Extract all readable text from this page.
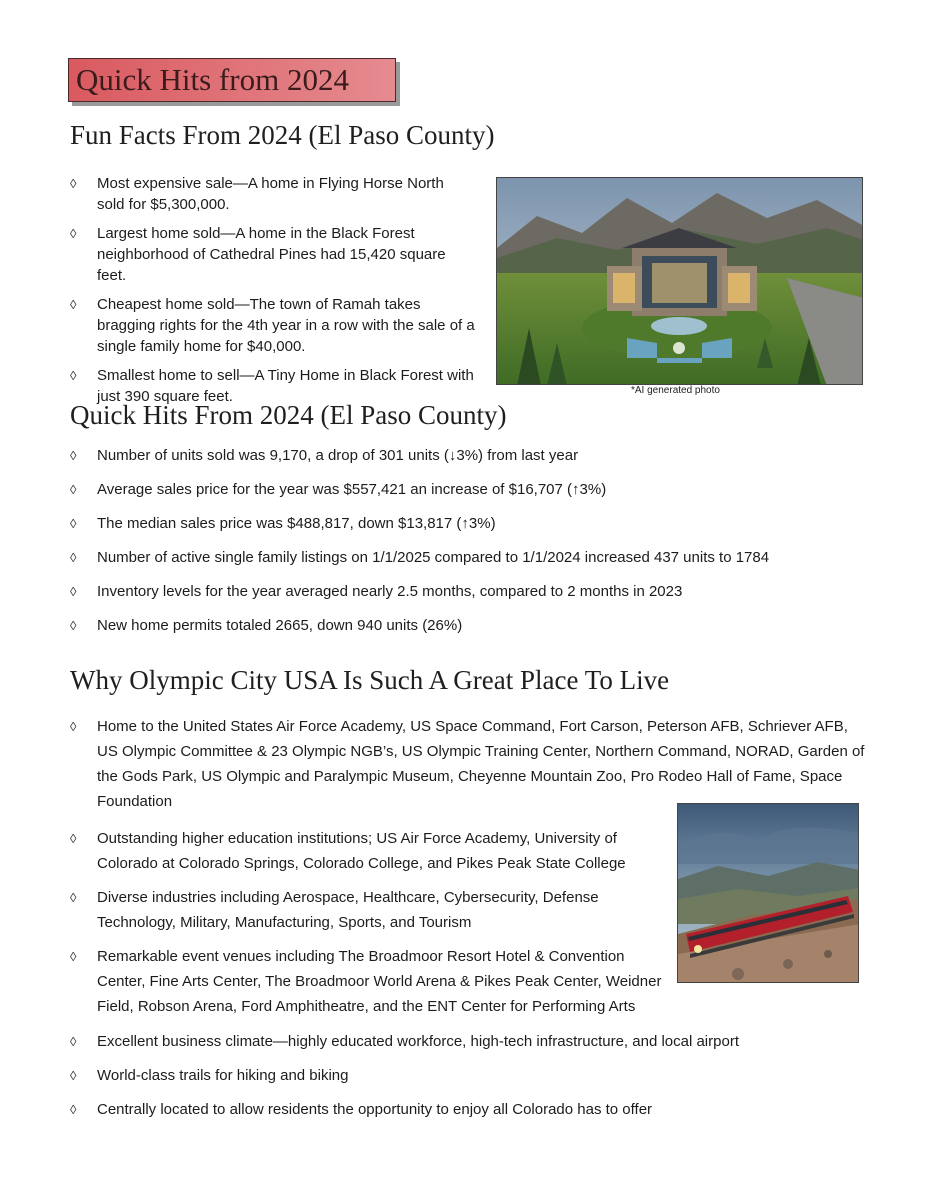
Quick Hits from 2024
Fun Facts From 2024 (El Paso County)
◊ Most expensive sale—A home in Flying Horse North sold for $5,300,000.
◊ Largest home sold—A home in the Black Forest neighborhood of Cathedral Pines had 15,420 square feet.
◊ Cheapest home sold—The town of Ramah takes bragging rights for the 4th year in a row with the sale of a single family home for $40,000.
◊ Smallest home to sell—A Tiny Home in Black Forest with just 390 square feet.	*AI generated photo
Quick Hits From 2024 (El Paso County)
◊ Number of units sold was 9,170, a drop of 301 units (↓3%) from last year
◊ Average sales price for the year was $557,421 an increase of $16,707 (↑3%)
◊ The median sales price was $488,817, down $13,817 (↑3%)
◊ Number of active single family listings on 1/1/2025 compared to 1/1/2024 increased 437 units to 1784
◊ Inventory levels for the year averaged nearly 2.5 months, compared to 2 months in 2023
◊ New home permits totaled 2665, down 940 units (26%)
Why Olympic City USA Is Such A Great Place To Live
◊ Home to the United States Air Force Academy, US Space Command, Fort Carson, Peterson AFB, Schriever AFB, US Olympic Committee & 23 Olympic NGB’s, US Olympic Training Center, Northern Command, NORAD, Garden of the Gods Park, US Olympic and Paralympic Museum, Cheyenne Mountain Zoo, Pro Rodeo Hall of Fame, Space Foundation
◊ Outstanding higher education institutions; US Air Force Academy, University of Colorado at Colorado Springs, Colorado College, and Pikes Peak State College
◊ Diverse industries including Aerospace, Healthcare, Cybersecurity, Defense Technology, Military, Manufacturing, Sports, and Tourism
◊ Remarkable event venues including The Broadmoor Resort Hotel & Convention Center, Fine Arts Center, The Broadmoor World Arena & Pikes Peak Center, Weidner Field, Robson Arena, Ford Amphitheatre, and the ENT Center for Performing Arts
◊ Excellent business climate—highly educated workforce, high-tech infrastructure, and local airport
◊ World-class trails for hiking and biking
◊ Centrally located to allow residents the opportunity to enjoy all Colorado has to offer
